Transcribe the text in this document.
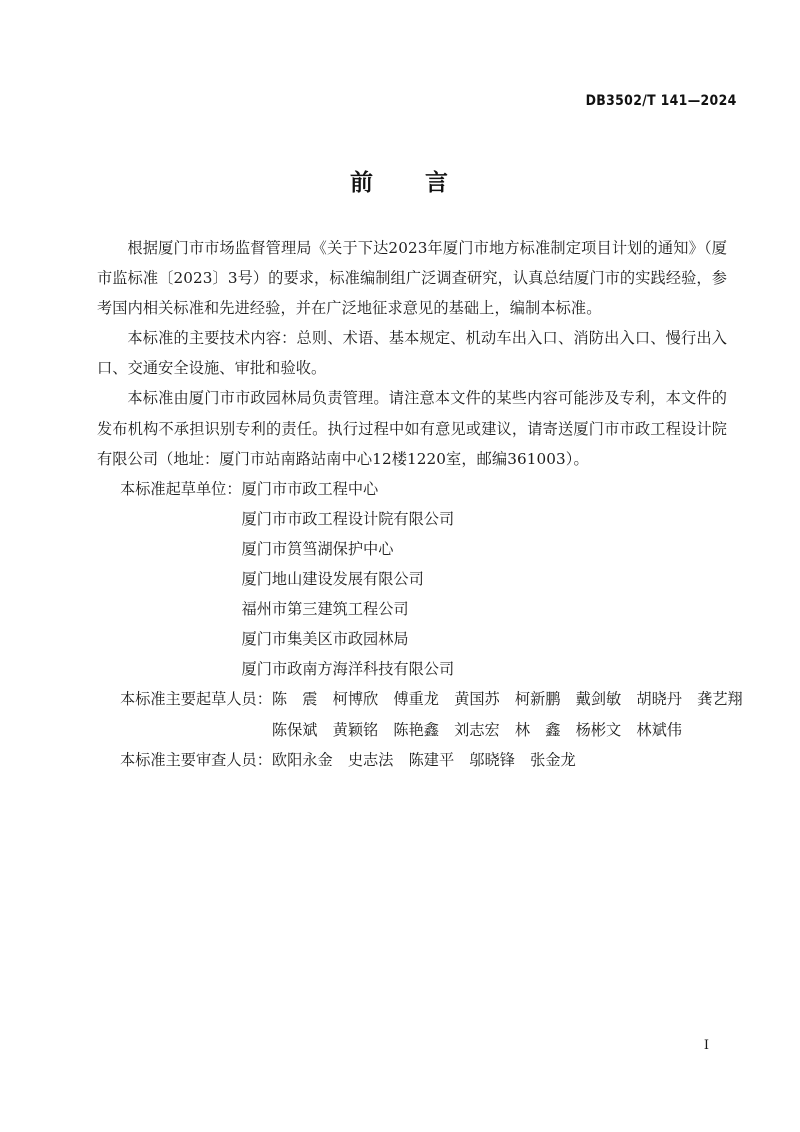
DB3502/T 141—2024
前　　言

根据厦门市市场监督管理局《关于下达2023年厦门市地方标准制定项目计划的通知》（厦市监标准〔2023〕3号）的要求，标准编制组广泛调查研究，认真总结厦门市的实践经验，参考国内相关标准和先进经验，并在广泛地征求意见的基础上，编制本标准。

本标准的主要技术内容：总则、术语、基本规定、机动车出入口、消防出入口、慢行出入口、交通安全设施、审批和验收。

本标准由厦门市市政园林局负责管理。请注意本文件的某些内容可能涉及专利，本文件的发布机构不承担识别专利的责任。执行过程中如有意见或建议，请寄送厦门市市政工程设计院有限公司（地址：厦门市站南路站南中心12楼1220室，邮编361003）。

本标准起草单位： 厦门市市政工程中心
厦门市市政工程设计院有限公司
厦门市筼筜湖保护中心
厦门地山建设发展有限公司
福州市第三建筑工程公司
厦门市集美区市政园林局
厦门市政南方海洋科技有限公司
本标准主要起草人员： 陈　震　柯博欣　傅重龙　黄国苏　柯新鹏　戴剑敏　胡晓丹　龚艺翔
陈保斌　黄颖铭　陈艳鑫　刘志宏　林　鑫　杨彬文　林斌伟
本标准主要审查人员： 欧阳永金　史志法　陈建平　邬晓锋　张金龙
I
